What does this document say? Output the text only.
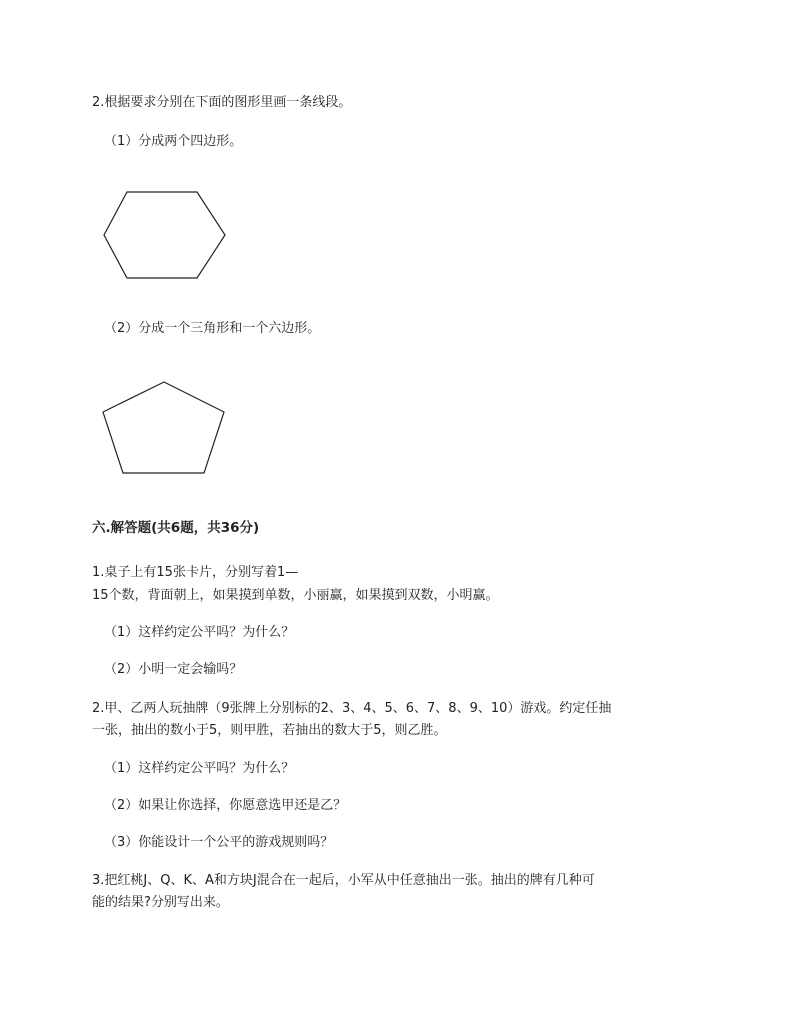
2.根据要求分别在下面的图形里画一条线段。
（1）分成两个四边形。
（2）分成一个三角形和一个六边形。
六.解答题(共6题，共36分)
1.桌子上有15张卡片，分别写着1—
15个数，背面朝上，如果摸到单数，小丽赢，如果摸到双数，小明赢。
（1）这样约定公平吗？为什么？
（2）小明一定会输吗？
2.甲、乙两人玩抽牌（9张牌上分别标的2、3、4、5、6、7、8、9、10）游戏。约定任抽
一张，抽出的数小于5，则甲胜，若抽出的数大于5，则乙胜。
（1）这样约定公平吗？为什么？
（2）如果让你选择，你愿意选甲还是乙？
（3）你能设计一个公平的游戏规则吗？
3.把红桃J、Q、K、A和方块J混合在一起后，小军从中任意抽出一张。抽出的牌有几种可
能的结果?分别写出来。
